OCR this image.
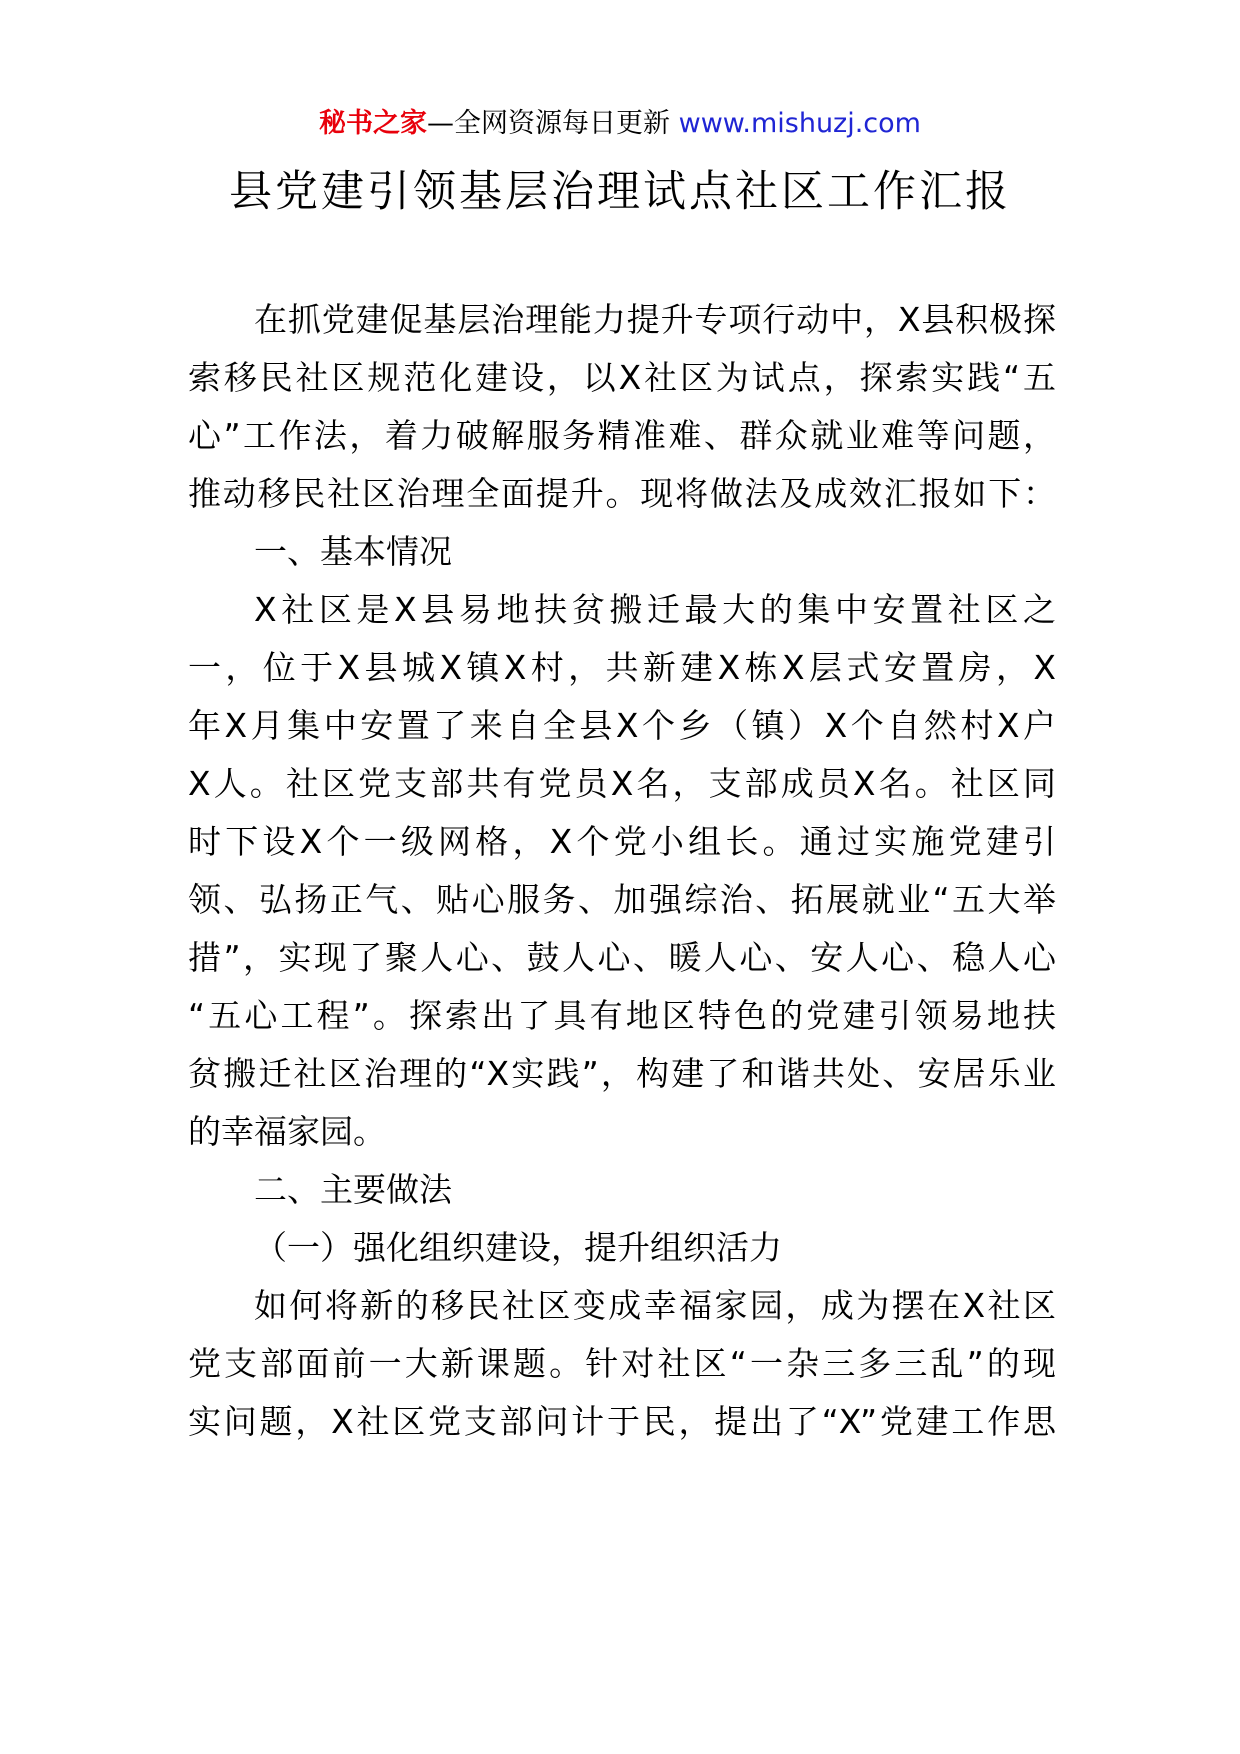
秘书之家—全网资源每日更新 www.mishuzj.com
县党建引领基层治理试点社区工作汇报
在抓党建促基层治理能力提升专项行动中，X县积极探
索移民社区规范化建设，以X社区为试点，探索实践“五
心”工作法，着力破解服务精准难、群众就业难等问题，
推动移民社区治理全面提升。现将做法及成效汇报如下：
一、基本情况
X社区是X县易地扶贫搬迁最大的集中安置社区之
一，位于X县城X镇X村，共新建X栋X层式安置房，X
年X月集中安置了来自全县X个乡（镇）X个自然村X户
X人。社区党支部共有党员X名，支部成员X名。社区同
时下设X个一级网格，X个党小组长。通过实施党建引
领、弘扬正气、贴心服务、加强综治、拓展就业“五大举
措”，实现了聚人心、鼓人心、暖人心、安人心、稳人心
“五心工程”。探索出了具有地区特色的党建引领易地扶
贫搬迁社区治理的“X实践”，构建了和谐共处、安居乐业
的幸福家园。
二、主要做法
（一）强化组织建设，提升组织活力
如何将新的移民社区变成幸福家园，成为摆在X社区
党支部面前一大新课题。针对社区“一杂三多三乱”的现
实问题，X社区党支部问计于民，提出了“X”党建工作思
